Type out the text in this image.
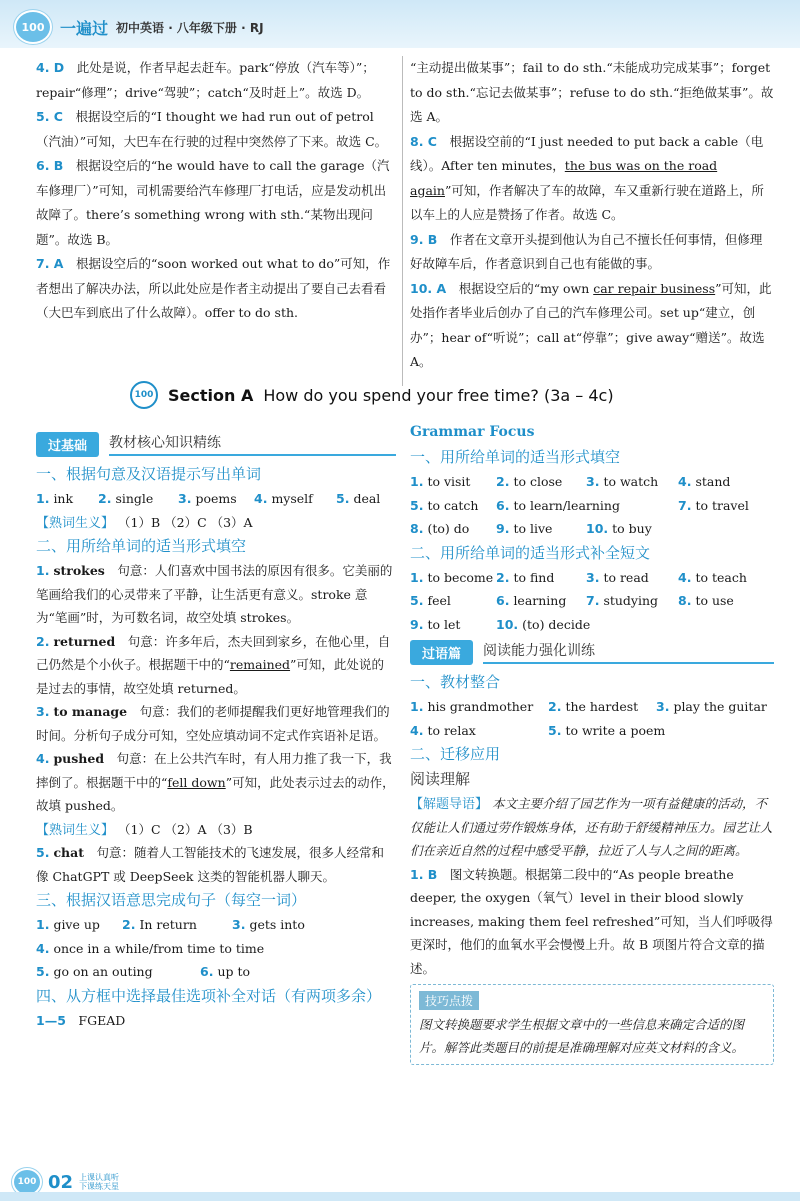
100 一遍过 初中英语 · 八年级下册 · RJ

4. D　 此处是说，作者早起去赶车。park“停放（汽车等）”；repair“修理”；drive“驾驶”；catch“及时赶上”。故选 D。

5. C　 根据设空后的“I thought we had run out of petrol（汽油）”可知，大巴车在行驶的过程中突然停了下来。故选 C。

6. B　 根据设空后的“he would have to call the garage（汽车修理厂）”可知，司机需要给汽车修理厂打电话，应是发动机出故障了。there’s something wrong with sth.“某物出现问题”。故选 B。

7. A　 根据设空后的“soon worked out what to do”可知，作者想出了解决办法，所以此处应是作者主动提出了要自己去看看（大巴车到底出了什么故障）。offer to do sth.

“主动提出做某事”；fail to do sth.“未能成功完成某事”；forget to do sth.“忘记去做某事”；refuse to do sth.“拒绝做某事”。故选 A。

8. C　 根据设空前的“I just needed to put back a cable（电线）。After ten minutes，the bus was on the road again”可知，作者解决了车的故障，车又重新行驶在道路上，所以车上的人应是赞扬了作者。故选 C。

9. B　 作者在文章开头提到他认为自己不擅长任何事情，但修理好故障车后，作者意识到自己也有能做的事。

10. A　 根据设空后的“my own car repair business”可知，此处指作者毕业后创办了自己的汽车修理公司。set up“建立，创办”；hear of“听说”；call at“停靠”；give away“赠送”。故选 A。

100 Section A How do you spend your free time? (3a – 4c)
过基础	教材核心知识精练
一、根据句意及汉语提示写出单词
1. ink	2. single	3. poems	4. myself	5. deal

【熟词生义】 （1）B （2）C （3）A

二、用所给单词的适当形式填空

1. strokes　 句意：人们喜欢中国书法的原因有很多。它美丽的笔画给我们的心灵带来了平静，让生活更有意义。stroke 意为“笔画”时，为可数名词，故空处填 strokes。

2. returned　 句意：许多年后，杰夫回到家乡，在他心里，自己仍然是个小伙子。根据题干中的“remained”可知，此处说的是过去的事情，故空处填 returned。

3. to manage　 句意：我们的老师提醒我们更好地管理我们的时间。分析句子成分可知，空处应填动词不定式作宾语补足语。

4. pushed　 句意：在上公共汽车时，有人用力推了我一下，我摔倒了。根据题干中的“fell down”可知，此处表示过去的动作，故填 pushed。

【熟词生义】 （1）C （2）A （3）B

5. chat　 句意：随着人工智能技术的飞速发展，很多人经常和像 ChatGPT 或 DeepSeek 这类的智能机器人聊天。

三、根据汉语意思完成句子（每空一词）
1. give up	2. In return	3. gets into
4. once in a while/from time to time
5. go on an outing	6. up to
四、从方框中选择最佳选项补全对话（有两项多余）

1—5　 FGEAD

Grammar Focus
一、用所给单词的适当形式填空
1. to visit	2. to close	3. to watch	4. stand
5. to catch	6. to learn/learning	7. to travel
8. (to) do	9. to live	10. to buy
二、用所给单词的适当形式补全短文
1. to become 2. to find	3. to read	4. to teach
5. feel	6. learning	7. studying	8. to use
9. to let	10. (to) decide
过语篇	阅读能力强化训练
一、教材整合
1. his grandmother	2. the hardest	3. play the guitar
4. to relax	5. to write a poem
二、迁移应用
阅读理解

【解题导语】 本文主要介绍了园艺作为一项有益健康的活动，不仅能让人们通过劳作锻炼身体，还有助于舒缓精神压力。园艺让人们在亲近自然的过程中感受平静，拉近了人与人之间的距离。

1. B　 图文转换题。根据第二段中的“As people breathe deeper, the oxygen（氧气）level in their blood slowly increases, making them feel refreshed”可知，当人们呼吸得更深时，他们的血氧水平会慢慢上升。故 B 项图片符合文章的描述。

技巧点拨

图文转换题要求学生根据文章中的一些信息来确定合适的图片。解答此类题目的前提是准确理解对应英文材料的含义。

100 02 上课认真听
下课练天星
